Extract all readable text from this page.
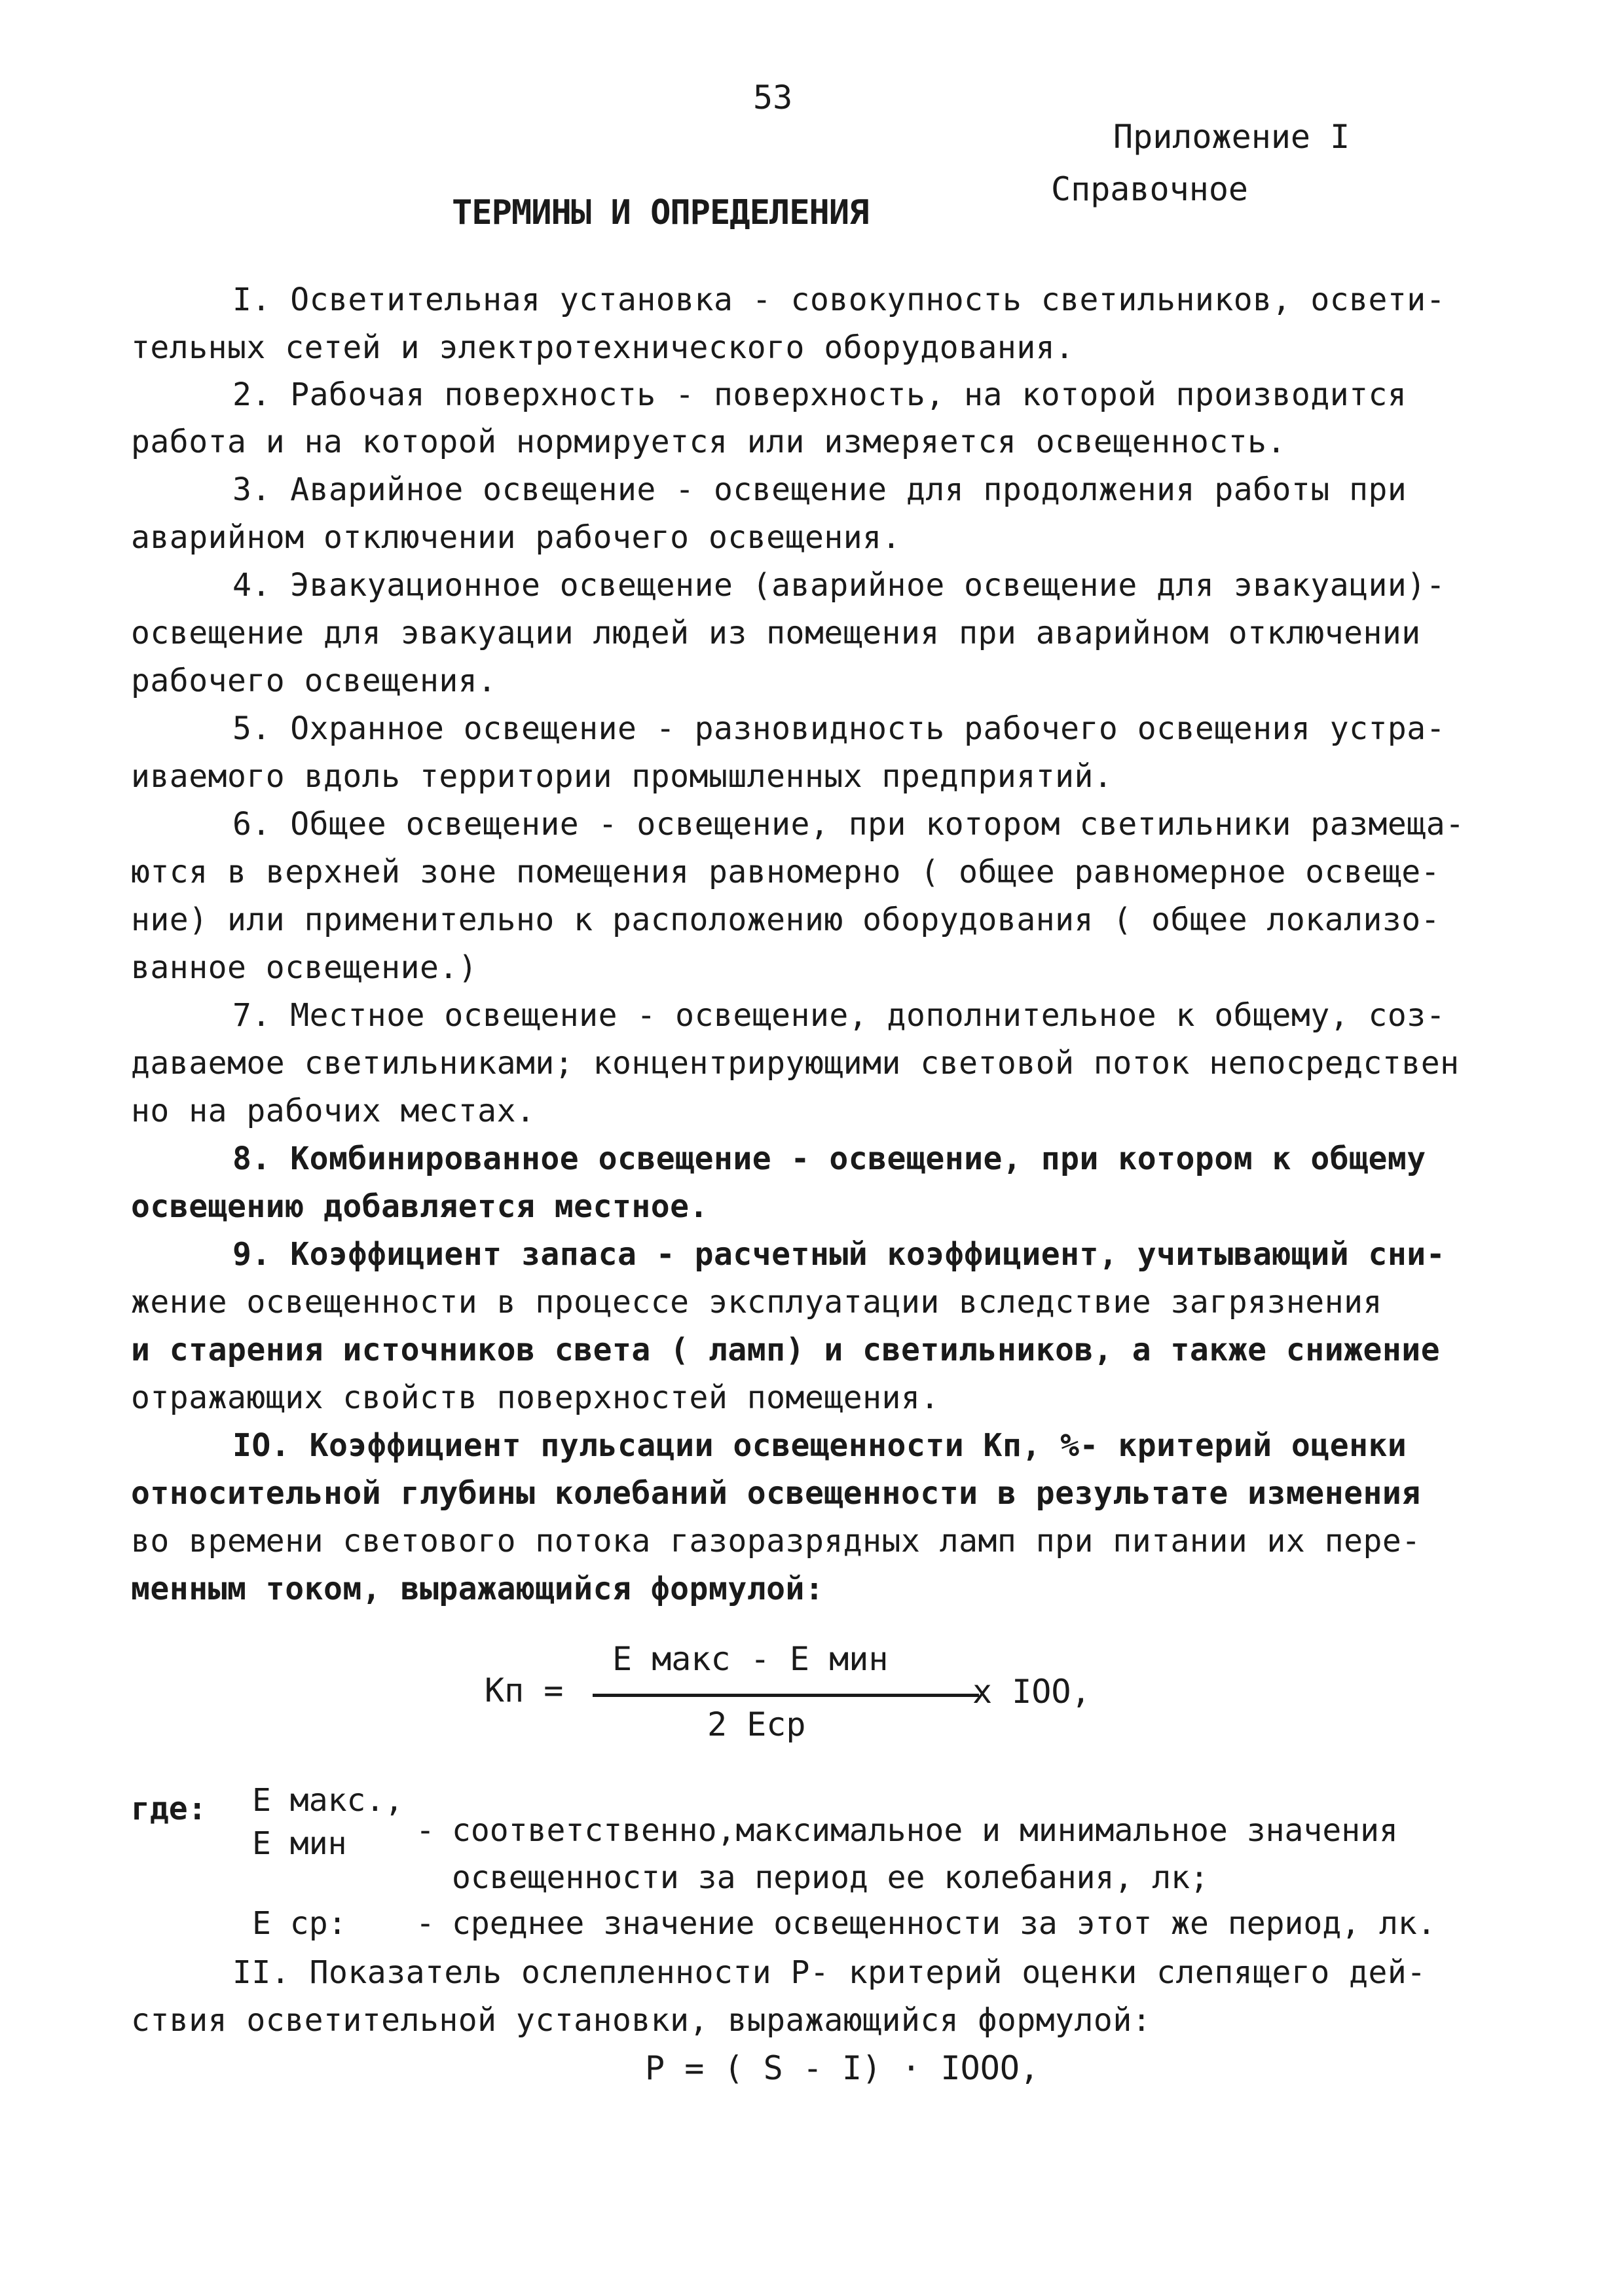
53
Приложение I
Справочное
ТЕРМИНЫ И ОПРЕДЕЛЕНИЯ
I. Осветительная установка - совокупность светильников, освети-
тельных сетей и электротехнического оборудования.
2. Рабочая поверхность - поверхность, на которой производится
работа и на которой нормируется или измеряется освещенность.
3. Аварийное освещение - освещение для продолжения работы при
аварийном отключении рабочего освещения.
4. Эвакуационное освещение (аварийное освещение для эвакуации)-
освещение для эвакуации людей из помещения при аварийном отключении
рабочего освещения.
5. Охранное освещение - разновидность рабочего освещения устра-
иваемого вдоль территории промышленных предприятий.
6. Общее освещение - освещение, при котором светильники размеща-
ются в верхней зоне помещения равномерно ( общее равномерное освеще-
ние) или применительно к расположению оборудования ( общее локализо-
ванное освещение.)
7. Местное освещение - освещение, дополнительное к общему, соз-
даваемое светильниками; концентрирующими световой поток непосредствен
но на рабочих местах.
8. Комбинированное освещение - освещение, при котором к общему
освещению добавляется местное.
9. Коэффициент запаса - расчетный коэффициент, учитывающий сни-
жение освещенности в процессе эксплуатации вследствие загрязнения
и старения источников света ( ламп) и светильников, а также снижение
отражающих свойств поверхностей помещения.
IO. Коэффициент пульсации освещенности Кп, %- критерий оценки
относительной глубины колебаний освещенности в результате изменения
во времени светового потока газоразрядных ламп при питании их пере-
менным током, выражающийся формулой:
Кп =
Е макс - Е мин
2 Еср
x IOO,
где: Е макс.,
Е мин - соответственно,максимальное и минимальное значения
освещенности за период ее колебания, лк;
Е ср: - среднее значение освещенности за этот же период, лк.
II. Показатель ослепленности Р- критерий оценки слепящего дей-
ствия осветительной установки, выражающийся формулой:
Р = ( S - I) · IOOO,
